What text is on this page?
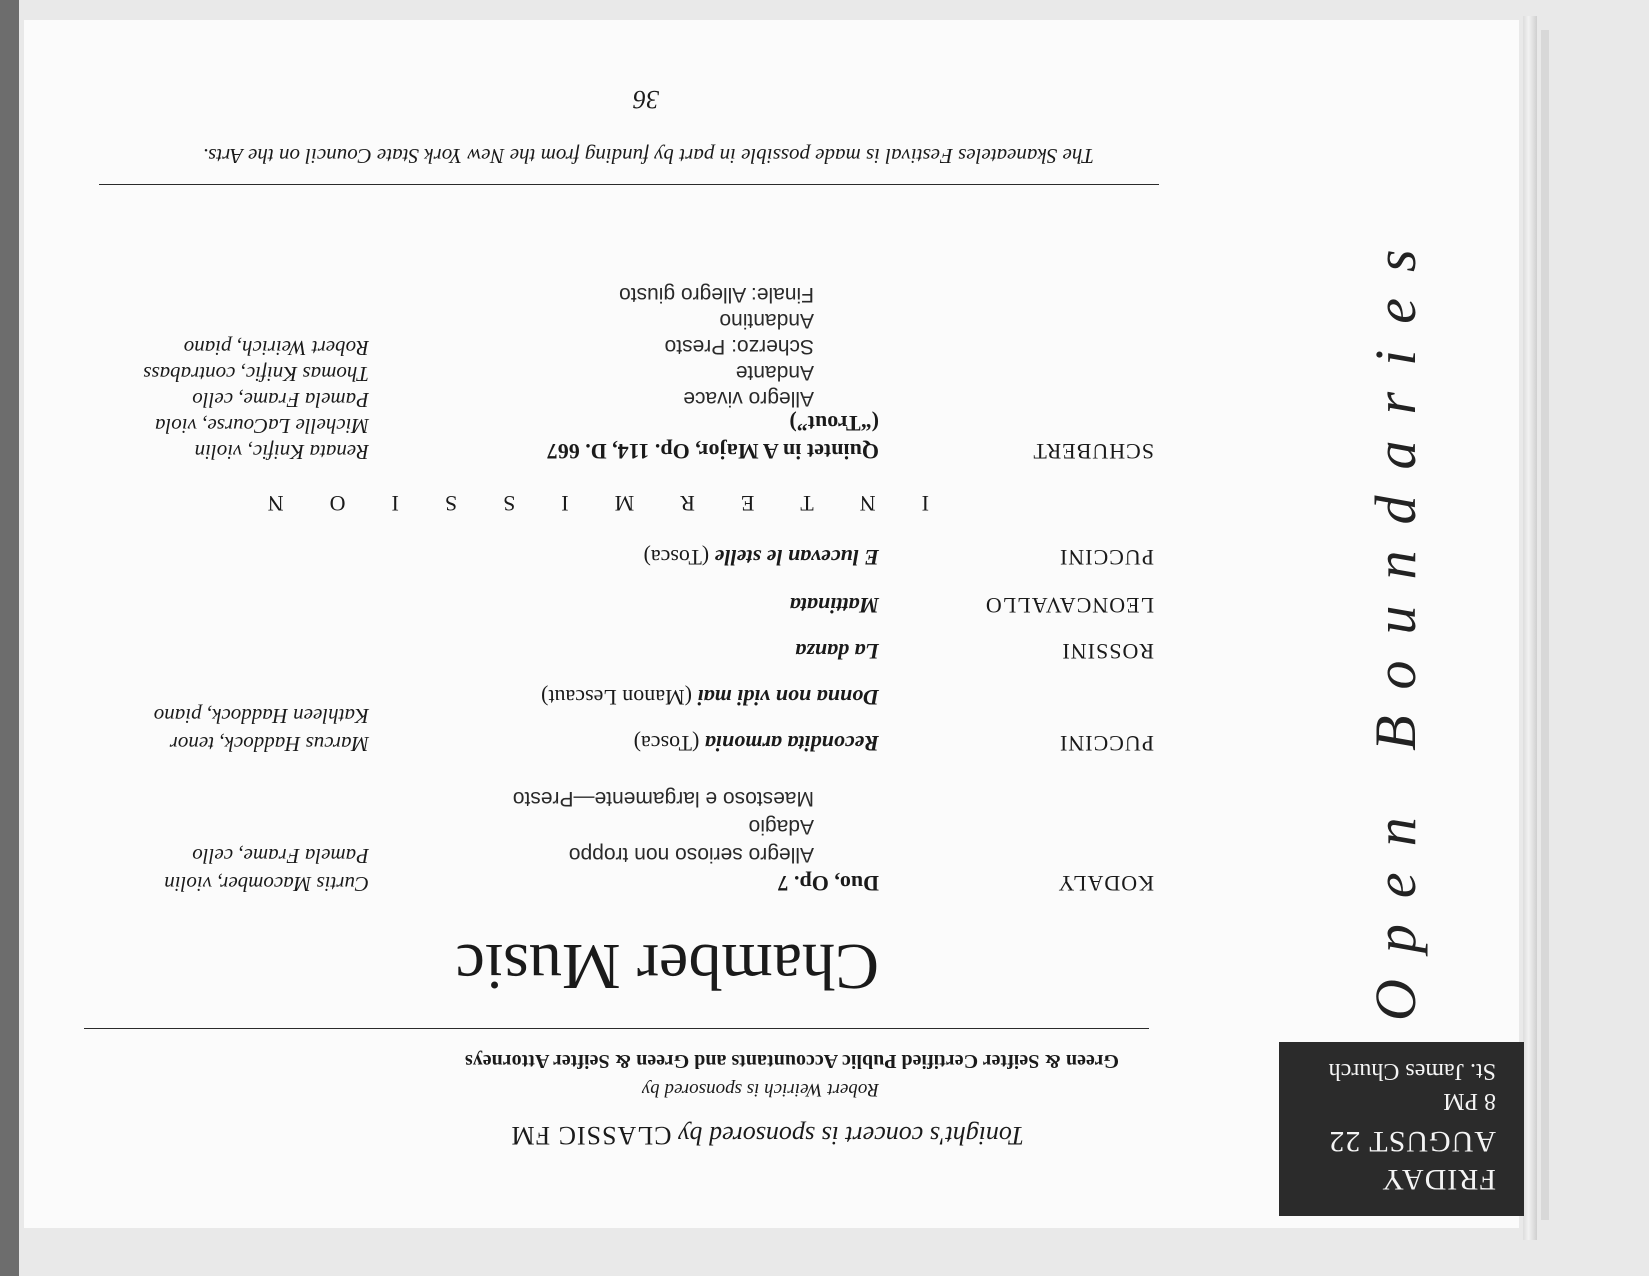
FRIDAY
AUGUST 22
8 PM
St. James Church
Open Boundaries
Tonight's concert is sponsored by CLASSIC FM
Robert Weirich is sponsored by
Green & Seifter Certified Public Accountants and Green & Seifter Attorneys
Chamber Music
KODALY
Duo, Op. 7
Allegro serioso non troppo
Adagio
Maestoso e largamente—Presto
Curtis Macomber, violin
Pamela Frame, cello
PUCCINI
Recondita armonia (Tosca)
Marcus Haddock, tenor
Kathleen Haddock, piano
Donna non vidi mai (Manon Lescaut)
ROSSINI
La danza
LEONCAVALLO
Mattinata
PUCCINI
E lucevan le stelle (Tosca)
INTERMISSION
SCHUBERT
Quintet in A Major, Op. 114, D. 667
(“Trout”)
Allegro vivace
Andante
Scherzo: Presto
Andantino
Finale: Allegro giusto
Renata Knific, violin
Michelle LaCourse, viola
Pamela Frame, cello
Thomas Knific, contrabass
Robert Weirich, piano
The Skaneateles Festival is made possible in part by funding from the New York State Council on the Arts.
36
